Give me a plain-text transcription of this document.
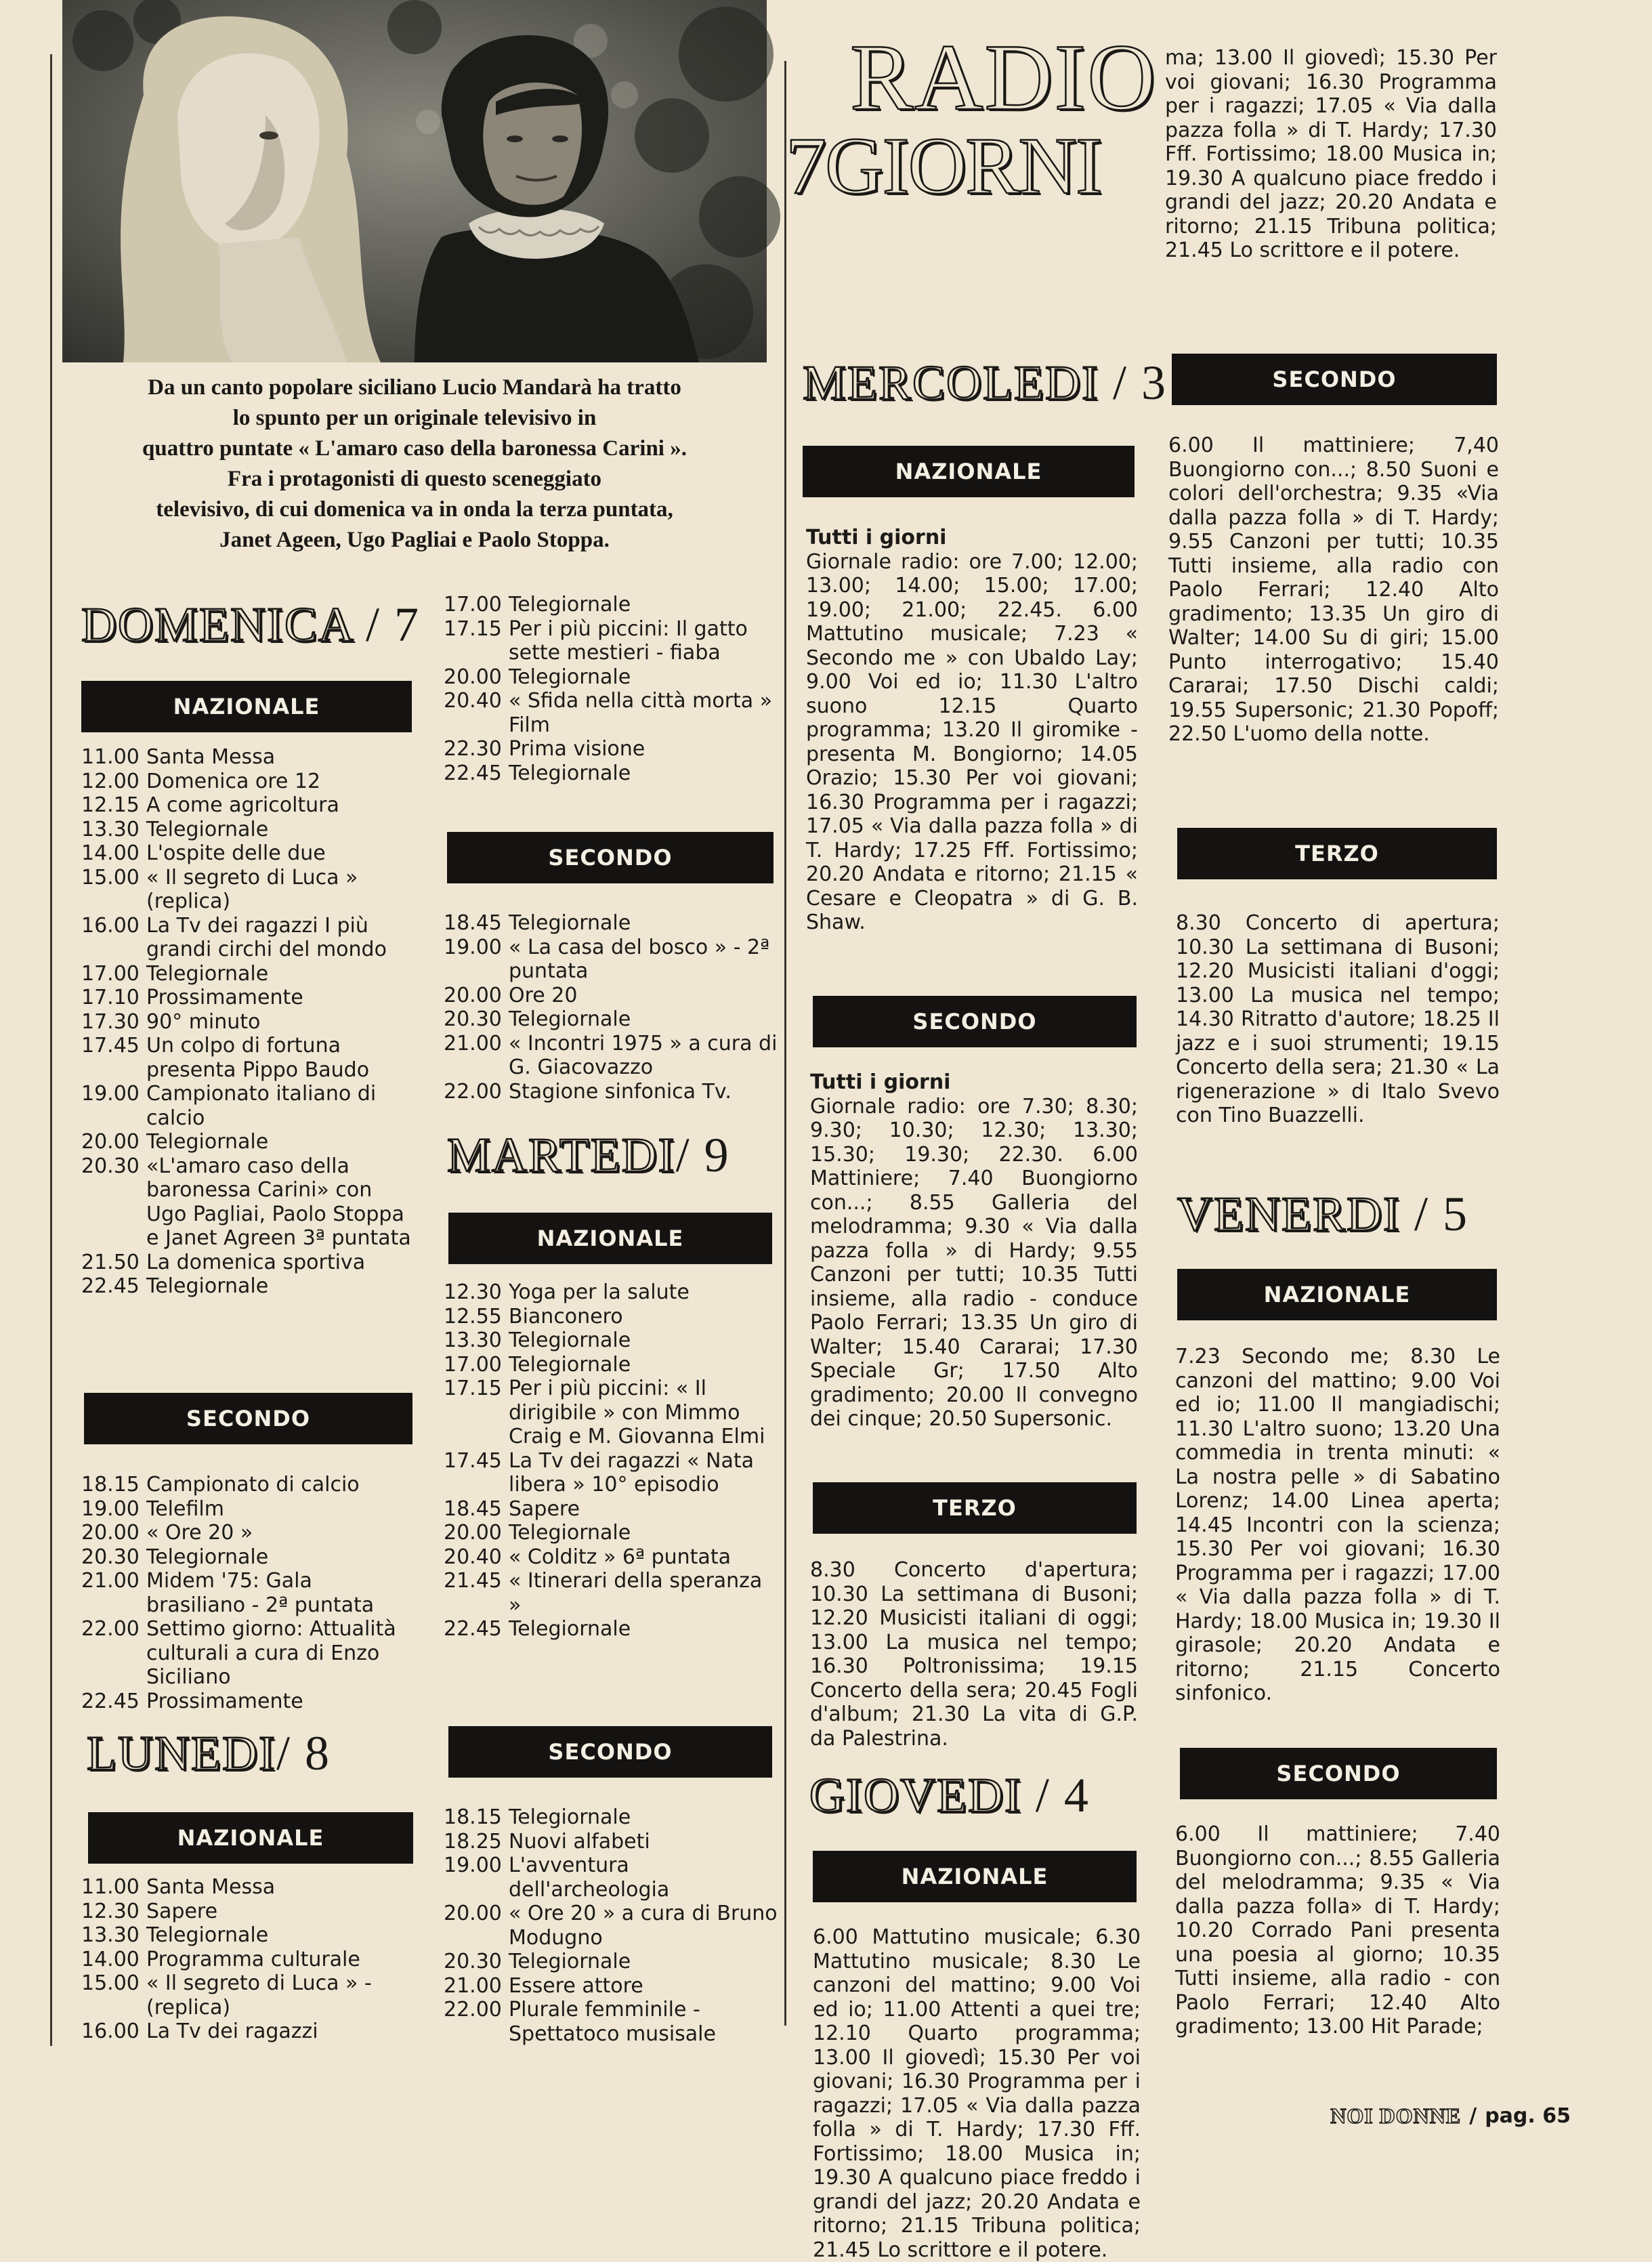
Da un canto popolare siciliano Lucio Mandarà ha tratto
lo spunto per un originale televisivo in
quattro puntate « L'amaro caso della baronessa Carini ».
Fra i protagonisti di questo sceneggiato
televisivo, di cui domenica va in onda la terza puntata,
Janet Ageen, Ugo Pagliai e Paolo Stoppa.
RADIO
7GIORNI
DOMENICA / 7
NAZIONALE
11.00 Santa Messa
12.00 Domenica ore 12
12.15 A come agricoltura
13.30 Telegiornale
14.00 L'ospite delle due
15.00 « Il segreto di Luca » (replica)
16.00 La Tv dei ragazzi I più grandi circhi del mondo
17.00 Telegiornale
17.10 Prossimamente
17.30 90° minuto
17.45 Un colpo di fortuna presenta Pippo Baudo
19.00 Campionato italiano di calcio
20.00 Telegiornale
20.30 «L'amaro caso della baronessa Carini» con Ugo Pagliai, Paolo Stoppa e Janet Agreen 3ª puntata
21.50 La domenica sportiva
22.45 Telegiornale
SECONDO
18.15 Campionato di calcio
19.00 Telefilm
20.00 « Ore 20 »
20.30 Telegiornale
21.00 Midem '75: Gala brasiliano - 2ª puntata
22.00 Settimo giorno: Attualità culturali a cura di Enzo Siciliano
22.45 Prossimamente
LUNEDI/ 8
NAZIONALE
11.00 Santa Messa
12.30 Sapere
13.30 Telegiornale
14.00 Programma culturale
15.00 « Il segreto di Luca » - (replica)
16.00 La Tv dei ragazzi
17.00 Telegiornale
17.15 Per i più piccini: Il gatto sette mestieri - fiaba
20.00 Telegiornale
20.40 « Sfida nella città morta » Film
22.30 Prima visione
22.45 Telegiornale
SECONDO
18.45 Telegiornale
19.00 « La casa del bosco » - 2ª puntata
20.00 Ore 20
20.30 Telegiornale
21.00 « Incontri 1975 » a cura di G. Giacovazzo
22.00 Stagione sinfonica Tv.
MARTEDI/ 9
NAZIONALE
12.30 Yoga per la salute
12.55 Bianconero
13.30 Telegiornale
17.00 Telegiornale
17.15 Per i più piccini: « Il dirigibile » con Mimmo Craig e M. Giovanna Elmi
17.45 La Tv dei ragazzi « Nata libera » 10° episodio
18.45 Sapere
20.00 Telegiornale
20.40 « Colditz » 6ª puntata
21.45 « Itinerari della speranza »
22.45 Telegiornale
SECONDO
18.15 Telegiornale
18.25 Nuovi alfabeti
19.00 L'avventura dell'archeologia
20.00 « Ore 20 » a cura di Bruno Modugno
20.30 Telegiornale
21.00 Essere attore
22.00 Plurale femminile - Spettatoco musisale
MERCOLEDI / 3
NAZIONALE
Tutti i giorni
Giornale radio: ore 7.00; 12.00; 13.00; 14.00; 15.00; 17.00; 19.00; 21.00; 22.45. 6.00 Mattutino musicale; 7.23 « Secondo me » con Ubaldo Lay; 9.00 Voi ed io; 11.30 L'altro suono 12.15 Quarto programma; 13.20 Il giromike - presenta M. Bongiorno; 14.05 Orazio; 15.30 Per voi giovani; 16.30 Programma per i ragazzi; 17.05 « Via dalla pazza folla » di T. Hardy; 17.25 Fff. Fortissimo; 20.20 Andata e ritorno; 21.15 « Cesare e Cleopatra » di G. B. Shaw.
SECONDO
Tutti i giorni
Giornale radio: ore 7.30; 8.30; 9.30; 10.30; 12.30; 13.30; 15.30; 19.30; 22.30. 6.00 Mattiniere; 7.40 Buongiorno con...; 8.55 Galleria del melodramma; 9.30 « Via dalla pazza folla » di Hardy; 9.55 Canzoni per tutti; 10.35 Tutti insieme, alla radio - conduce Paolo Ferrari; 13.35 Un giro di Walter; 15.40 Cararai; 17.30 Speciale Gr; 17.50 Alto gradimento; 20.00 Il convegno dei cinque; 20.50 Supersonic.
TERZO
8.30 Concerto d'apertura; 10.30 La settimana di Busoni; 12.20 Musicisti italiani di oggi; 13.00 La musica nel tempo; 16.30 Poltronissima; 19.15 Concerto della sera; 20.45 Fogli d'album; 21.30 La vita di G.P. da Palestrina.
GIOVEDI / 4
NAZIONALE
6.00 Mattutino musicale; 6.30 Mattutino musicale; 8.30 Le canzoni del mattino; 9.00 Voi ed io; 11.00 Attenti a quei tre; 12.10 Quarto programma; 13.00 Il giovedì; 15.30 Per voi giovani; 16.30 Programma per i ragazzi; 17.05 « Via dalla pazza folla » di T. Hardy; 17.30 Fff. Fortissimo; 18.00 Musica in; 19.30 A qualcuno piace freddo i grandi del jazz; 20.20 Andata e ritorno; 21.15 Tribuna politica; 21.45 Lo scrittore e il potere.
ma; 13.00 Il giovedì; 15.30 Per voi giovani; 16.30 Programma per i ragazzi; 17.05 « Via dalla pazza folla » di T. Hardy; 17.30 Fff. Fortissimo; 18.00 Musica in; 19.30 A qualcuno piace freddo i grandi del jazz; 20.20 Andata e ritorno; 21.15 Tribuna politica; 21.45 Lo scrittore e il potere.
SECONDO
6.00 Il mattiniere; 7,40 Buongiorno con...; 8.50 Suoni e colori dell'orchestra; 9.35 «Via dalla pazza folla » di T. Hardy; 9.55 Canzoni per tutti; 10.35 Tutti insieme, alla radio con Paolo Ferrari; 12.40 Alto gradimento; 13.35 Un giro di Walter; 14.00 Su di giri; 15.00 Punto interrogativo; 15.40 Cararai; 17.50 Dischi caldi; 19.55 Supersonic; 21.30 Popoff; 22.50 L'uomo della notte.
TERZO
8.30 Concerto di apertura; 10.30 La settimana di Busoni; 12.20 Musicisti italiani d'oggi; 13.00 La musica nel tempo; 14.30 Ritratto d'autore; 18.25 Il jazz e i suoi strumenti; 19.15 Concerto della sera; 21.30 « La rigenerazione » di Italo Svevo con Tino Buazzelli.
VENERDI / 5
NAZIONALE
7.23 Secondo me; 8.30 Le canzoni del mattino; 9.00 Voi ed io; 11.00 Il mangiadischi; 11.30 L'altro suono; 13.20 Una commedia in trenta minuti: « La nostra pelle » di Sabatino Lorenz; 14.00 Linea aperta; 14.45 Incontri con la scienza; 15.30 Per voi giovani; 16.30 Programma per i ragazzi; 17.00 « Via dalla pazza folla » di T. Hardy; 18.00 Musica in; 19.30 Il girasole; 20.20 Andata e ritorno; 21.15 Concerto sinfonico.
SECONDO
6.00 Il mattiniere; 7.40 Buongiorno con...; 8.55 Galleria del melodramma; 9.35 « Via dalla pazza folla» di T. Hardy; 10.20 Corrado Pani presenta una poesia al giorno; 10.35 Tutti insieme, alla radio - con Paolo Ferrari; 12.40 Alto gradimento; 13.00 Hit Parade;
NOI DONNE / pag. 65
